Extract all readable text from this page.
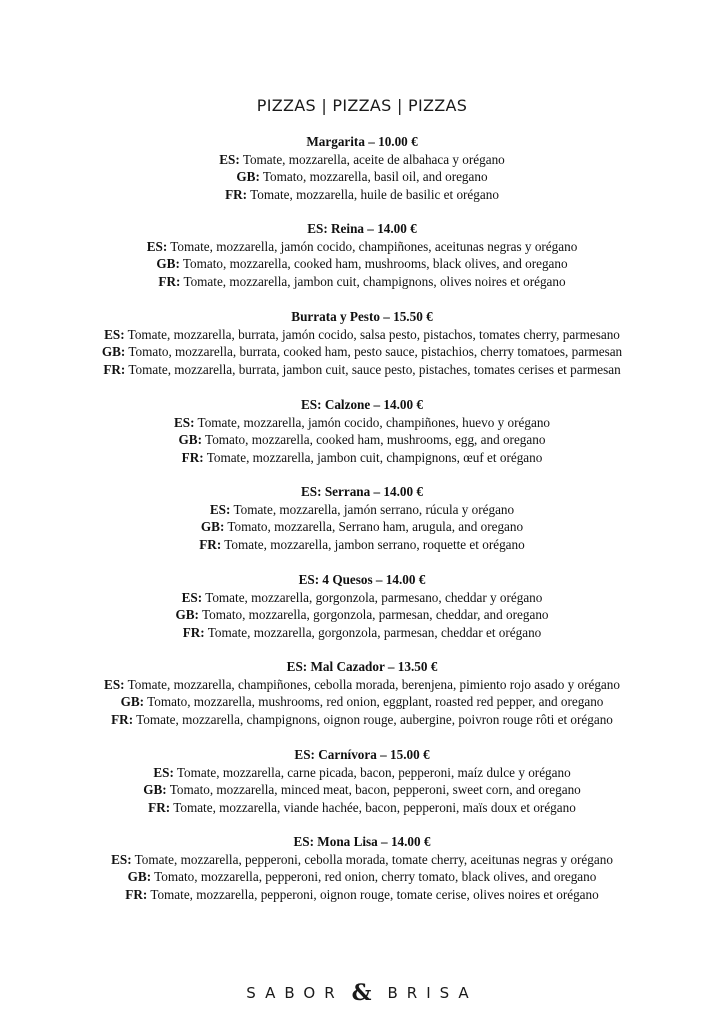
PIZZAS | PIZZAS | PIZZAS
Margarita – 10.00 €
ES: Tomate, mozzarella, aceite de albahaca y orégano
GB: Tomato, mozzarella, basil oil, and oregano
FR: Tomate, mozzarella, huile de basilic et orégano
ES: Reina – 14.00 €
ES: Tomate, mozzarella, jamón cocido, champiñones, aceitunas negras y orégano
GB: Tomato, mozzarella, cooked ham, mushrooms, black olives, and oregano
FR: Tomate, mozzarella, jambon cuit, champignons, olives noires et orégano
Burrata y Pesto – 15.50 €
ES: Tomate, mozzarella, burrata, jamón cocido, salsa pesto, pistachos, tomates cherry, parmesano
GB: Tomato, mozzarella, burrata, cooked ham, pesto sauce, pistachios, cherry tomatoes, parmesan
FR: Tomate, mozzarella, burrata, jambon cuit, sauce pesto, pistaches, tomates cerises et parmesan
ES: Calzone – 14.00 €
ES: Tomate, mozzarella, jamón cocido, champiñones, huevo y orégano
GB: Tomato, mozzarella, cooked ham, mushrooms, egg, and oregano
FR: Tomate, mozzarella, jambon cuit, champignons, œuf et orégano
ES: Serrana – 14.00 €
ES: Tomate, mozzarella, jamón serrano, rúcula y orégano
GB: Tomato, mozzarella, Serrano ham, arugula, and oregano
FR: Tomate, mozzarella, jambon serrano, roquette et orégano
ES: 4 Quesos – 14.00 €
ES: Tomate, mozzarella, gorgonzola, parmesano, cheddar y orégano
GB: Tomato, mozzarella, gorgonzola, parmesan, cheddar, and oregano
FR: Tomate, mozzarella, gorgonzola, parmesan, cheddar et orégano
ES: Mal Cazador – 13.50 €
ES: Tomate, mozzarella, champiñones, cebolla morada, berenjena, pimiento rojo asado y orégano
GB: Tomato, mozzarella, mushrooms, red onion, eggplant, roasted red pepper, and oregano
FR: Tomate, mozzarella, champignons, oignon rouge, aubergine, poivron rouge rôti et orégano
ES: Carnívora – 15.00 €
ES: Tomate, mozzarella, carne picada, bacon, pepperoni, maíz dulce y orégano
GB: Tomato, mozzarella, minced meat, bacon, pepperoni, sweet corn, and oregano
FR: Tomate, mozzarella, viande hachée, bacon, pepperoni, maïs doux et orégano
ES: Mona Lisa – 14.00 €
ES: Tomate, mozzarella, pepperoni, cebolla morada, tomate cherry, aceitunas negras y orégano
GB: Tomato, mozzarella, pepperoni, red onion, cherry tomato, black olives, and oregano
FR: Tomate, mozzarella, pepperoni, oignon rouge, tomate cerise, olives noires et orégano
SABOR & BRISA
